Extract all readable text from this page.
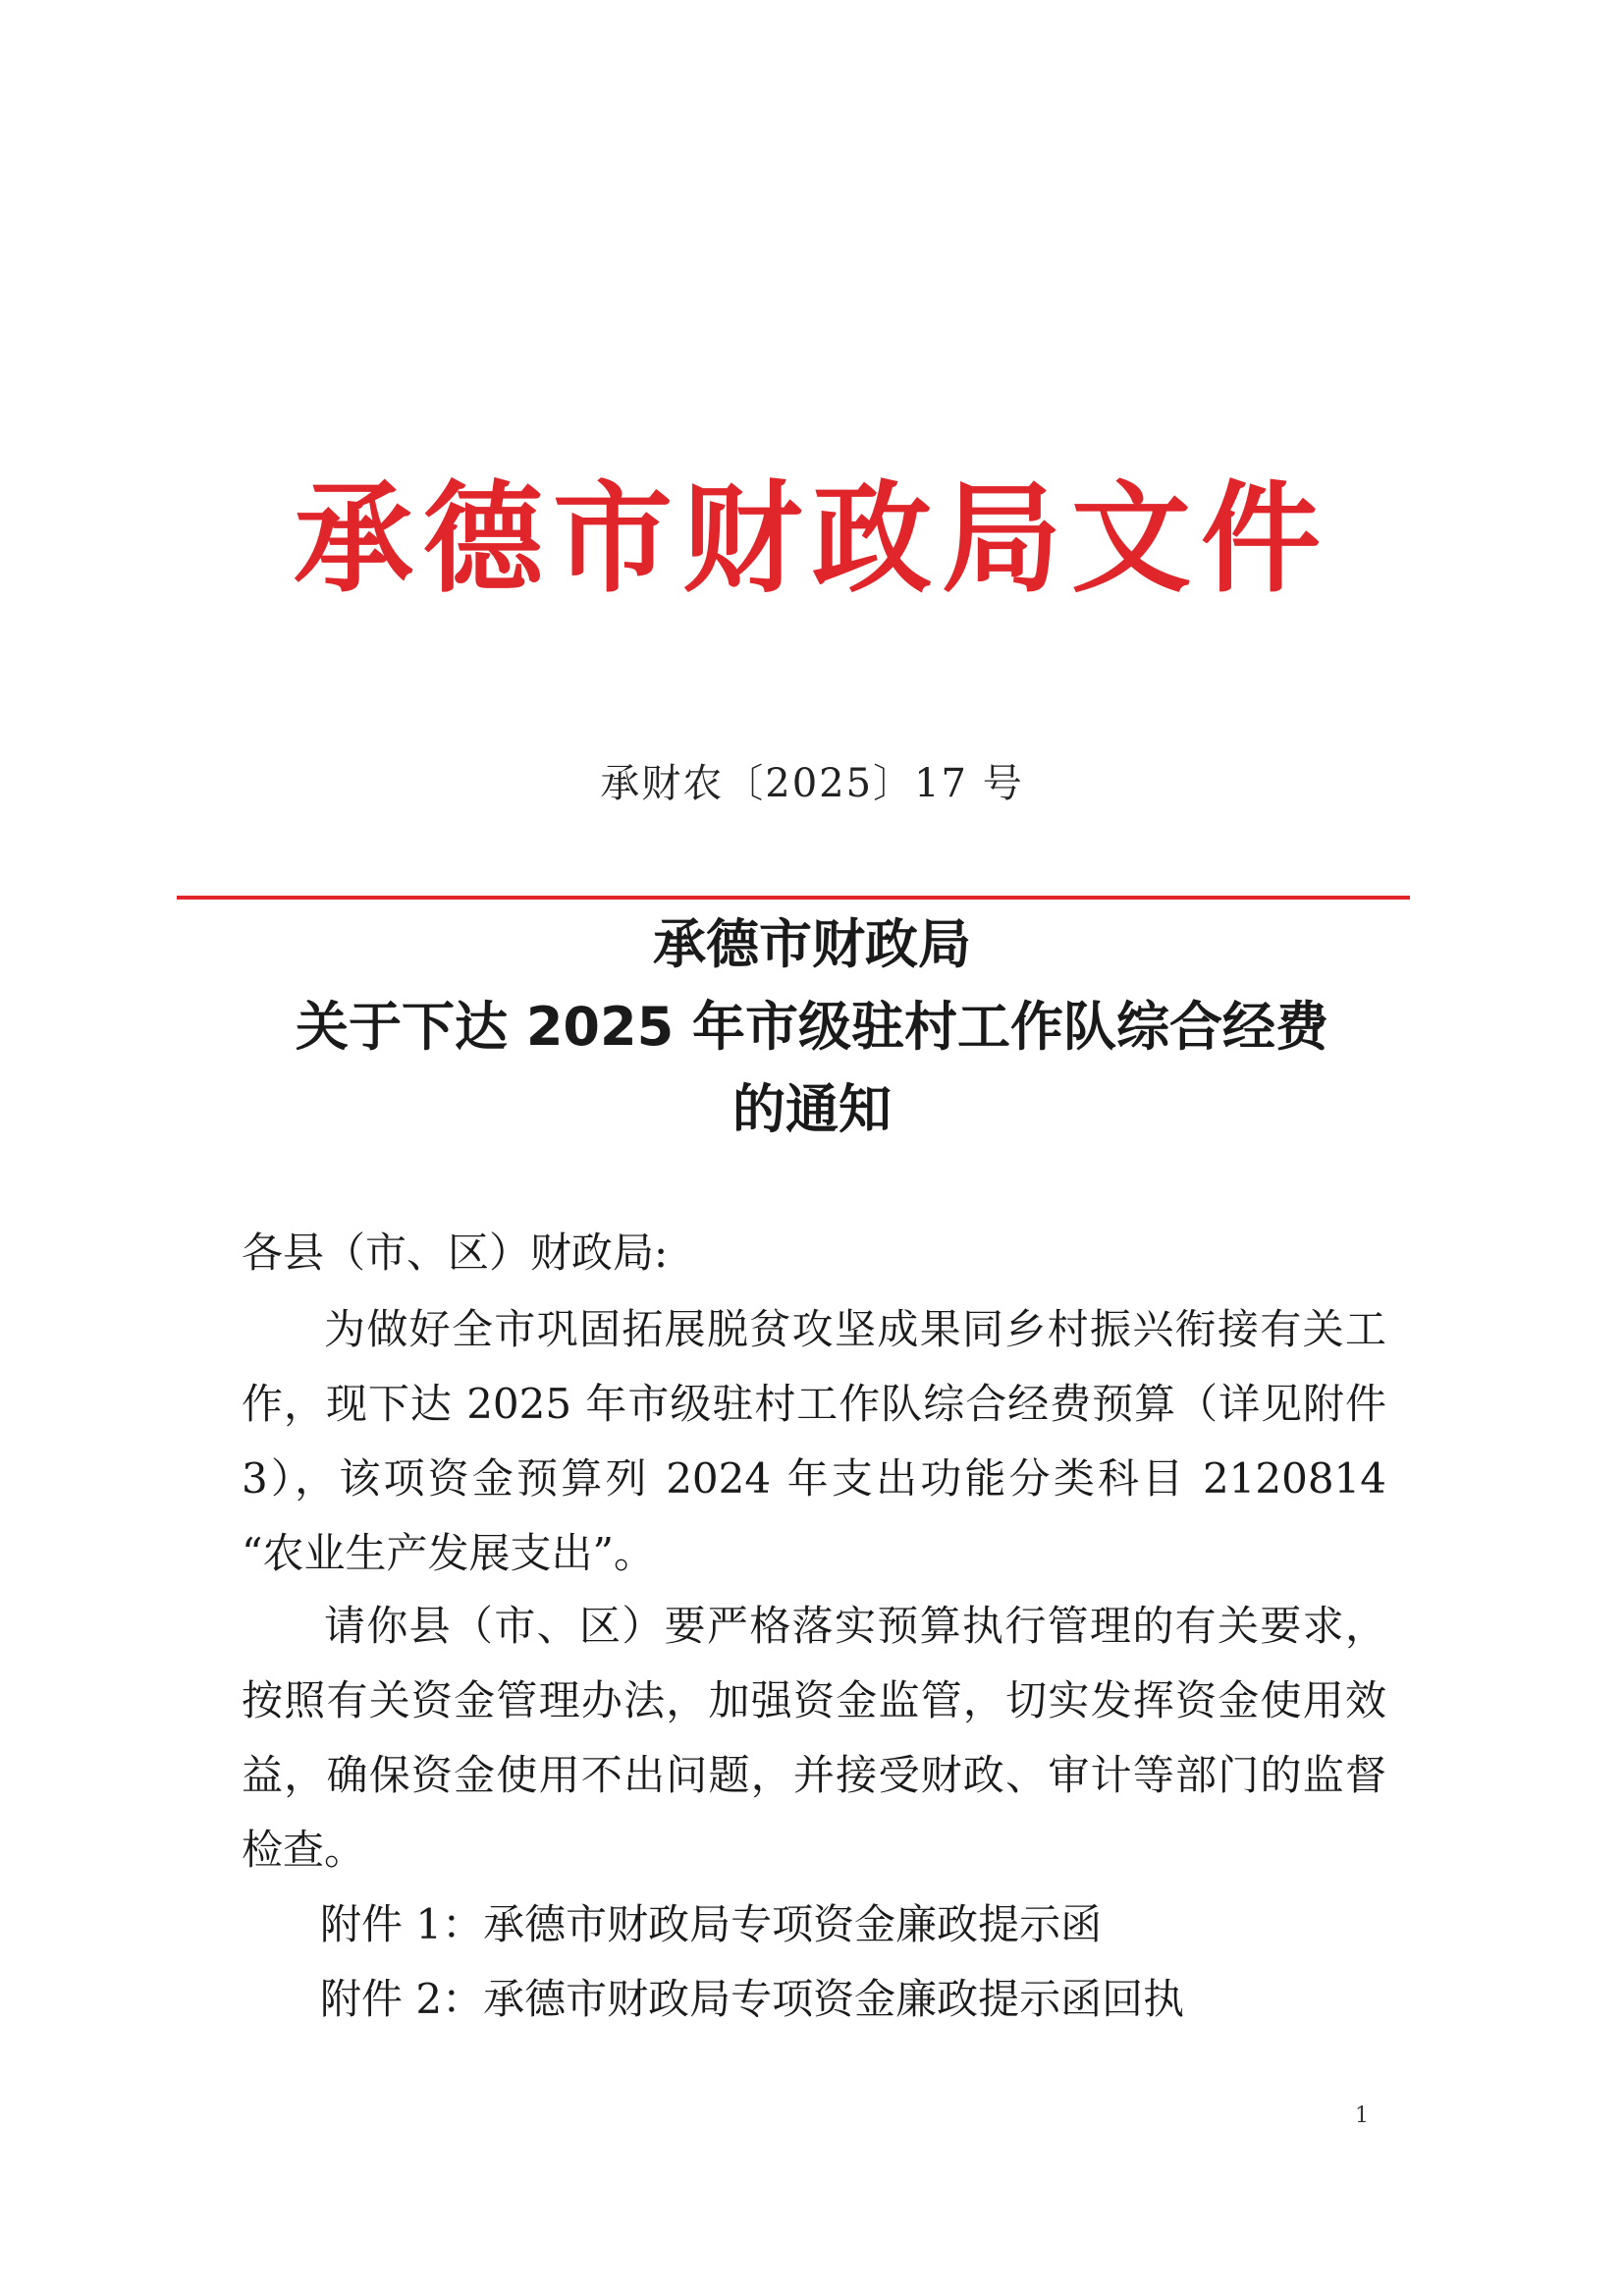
承德市财政局文件
承财农〔2025〕17 号
承德市财政局
关于下达 2025 年市级驻村工作队综合经费
的通知
各县（市、区）财政局:

为做好全市巩固拓展脱贫攻坚成果同乡村振兴衔接有关工作，现下达 2025 年市级驻村工作队综合经费预算（详见附件 3），该项资金预算列 2024 年支出功能分类科目 2120814 “农业生产发展支出”。

请你县（市、区）要严格落实预算执行管理的有关要求，按照有关资金管理办法，加强资金监管，切实发挥资金使用效益，确保资金使用不出问题，并接受财政、审计等部门的监督检查。

附件 1：承德市财政局专项资金廉政提示函
附件 2：承德市财政局专项资金廉政提示函回执
1
